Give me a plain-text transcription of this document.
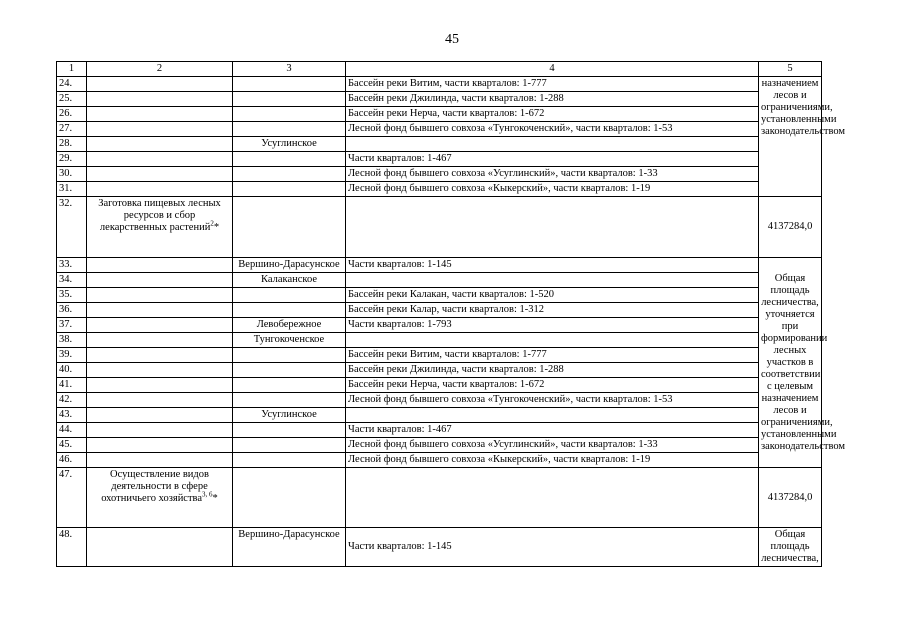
45
1	2	3	4	5
24.			Бассейн реки Витим, части кварталов: 1-777	назначением лесов и ограничениями, установленными законодательством
25.			Бассейн реки Джилинда, части кварталов: 1-288	
26.			Бассейн реки Нерча, части кварталов: 1-672	
27.			Лесной фонд бывшего совхоза «Тунгокоченский», части кварталов: 1-53	
28.		Усуглинское		
29.			Части кварталов: 1-467	
30.			Лесной фонд бывшего совхоза «Усуглинский», части кварталов: 1-33	
31.			Лесной фонд бывшего совхоза «Кыкерский», части кварталов: 1-19	
32.	Заготовка пищевых лесных ресурсов и сбор лекарственных растений$^2$*			4137284,0
33.		Вершино-Дарасунское	Части кварталов: 1-145	Общая площадь лесничества, уточняется при формировании лесных участков в соответствии с целевым назначением лесов и ограничениями, установленными законодательством
34.		Калаканское		
35.			Бассейн реки Калакан, части кварталов: 1-520	
36.			Бассейн реки Калар, части кварталов: 1-312	
37.		Левобережное	Части кварталов: 1-793	
38.		Тунгокоченское		
39.			Бассейн реки Витим, части кварталов: 1-777	
40.			Бассейн реки Джилинда, части кварталов: 1-288	
41.			Бассейн реки Нерча, части кварталов: 1-672	
42.			Лесной фонд бывшего совхоза «Тунгокоченский», части кварталов: 1-53	
43.		Усуглинское		
44.			Части кварталов: 1-467	
45.			Лесной фонд бывшего совхоза «Усуглинский», части кварталов: 1-33	
46.			Лесной фонд бывшего совхоза «Кыкерский», части кварталов: 1-19	
47.	Осуществление видов деятельности в сфере охотничьего хозяйства$^{3, 6}$*			4137284,0
48.		Вершино-Дарасунское	Части кварталов: 1-145	Общая площадь лесничества,
